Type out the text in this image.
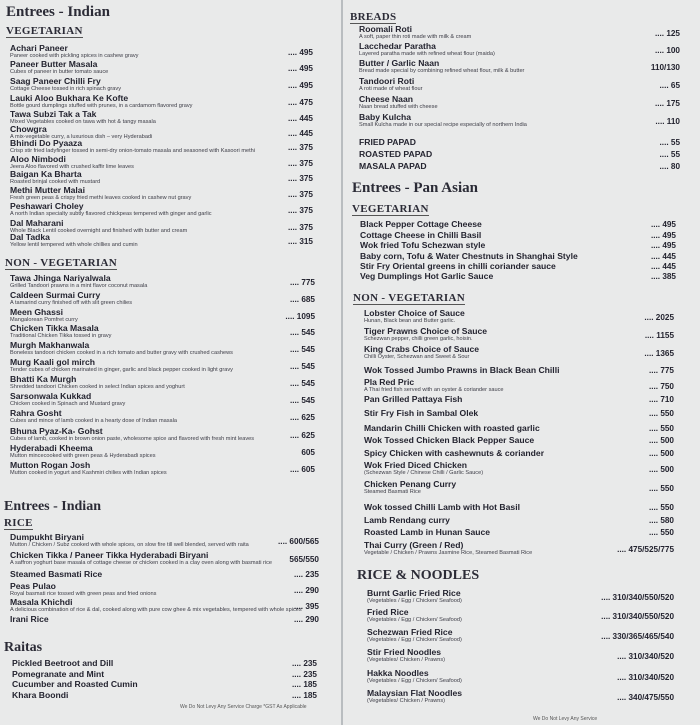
Entrees - Indian
VEGETARIAN
Achari Paneer
Paneer cooked with pickling spices in cashew gravy	.... 495
Paneer Butter Masala
Cubes of paneer in butter tomato sauce	.... 495
Saag Paneer Chilli Fry
Cottage Cheese tossed in rich spinach gravy	.... 495
Lauki Aloo Bukhara Ke Kofte
Bottle gourd dumplings stuffed with prunes, in a cardamom flavored gravy	.... 475
Tawa Subzi Tak a Tak
Mixed Vegetables cooked on tawa with hot & tangy masala	.... 445
Chowgra
A mix-vegetable curry, a luxurious dish – very Hyderabadi	.... 445
Bhindi Do Pyaaza
Crisp stir fried ladyfinger tossed in semi-dry onion-tomato masala and seasoned with Kasoori methi	.... 375
Aloo Nimbodi
Jeera Aloo flavored with crushed kaffir lime leaves	.... 375
Baigan Ka Bharta
Roasted brinjal cooked with mustard	.... 375
Methi Mutter Malai
Fresh green peas & crispy fried methi leaves cooked in cashew nut gravy	.... 375
Peshawari Choley
A north Indian specialty subtly flavored chickpeas tempered with ginger and garlic	.... 375
Dal Maharani
Whole Black Lentil cooked overnight and finished with butter and cream	.... 375
Dal Tadka
Yellow lentil tempered with whole chillies and cumin	.... 315
NON - VEGETARIAN
Tawa Jhinga Nariyalwala
Grilled Tandoori prawns in a mint flavor coconut masala	.... 775
Caldeen Surmai Curry
A tamarind curry finished off with slit green chilies	.... 685
Meen Ghassi
Mangalorean Pomfret curry	.... 1095
Chicken Tikka Masala
Traditional Chicken Tikka tossed in gravy	.... 545
Murgh Makhanwala
Boneless tandoori chicken cooked in a rich tomato and butter gravy with crushed cashews	.... 545
Murg Kaali gol mirch
Tender cubes of chicken marinated in ginger, garlic and black pepper cooked in light gravy	.... 545
Bhatti Ka Murgh
Shredded tandoori Chicken cooked in select Indian spices and yoghurt	.... 545
Sarsonwala Kukkad
Chicken cooked in Spinach and Mustard gravy	.... 545
Rahra Gosht
Cubes and mince of lamb cooked in a hearty dose of Indian masala	.... 625
Bhuna Pyaz-Ka- Gohst
Cubes of lamb, cooked in brown onion paste, wholesome spice and flavored with fresh mint leaves	.... 625
Hyderabadi Kheema
Mutton mincecooked with green peas & Hyderabadi spices	605
Mutton Rogan Josh
Mutton cooked in yogurt and Kashmiri chilies with Indian spices	.... 605
Entrees - Indian
RICE
Dumpukht Biryani
Mutton / Chicken / Subz cooked with whole spices, on slow fire till well blended, served with raita	.... 600/565
Chicken Tikka / Paneer Tikka Hyderabadi Biryani
A saffron yoghurt base masala of cottage cheese or chicken cooked in a clay oven along with basmati rice 565/550
Steamed Basmati Rice	.... 235
Peas Pulao
Royal basmati rice tossed with green peas and fried onions	.... 290
Masala Khichdi
A delicious combination of rice & dal, cooked along with pure cow ghee & mix vegetables, tempered with whole spices
.... 395
Irani Rice	.... 290
Raitas
Pickled Beetroot and Dill	.... 235
Pomegranate and Mint	.... 235
Cucumber and Roasted Cumin	.... 185
Khara Boondi	.... 185
We Do Not Levy Any Service Charge *GST As Applicable
BREADS
Roomali Roti
A soft, paper thin roti made with milk & cream	.... 125
Lacchedar Paratha
Layered paratha made with refined wheat flour (maida)	.... 100
Butter / Garlic Naan
Bread made special by combining refined wheat flour, milk & butter	110/130
Tandoori Roti
A roti made of wheat flour	.... 65
Cheese Naan
Naan bread stuffed with cheese	.... 175
Baby Kulcha
Small Kulcha made in our special recipe especially of northern India	.... 110
FRIED PAPAD	.... 55
ROASTED PAPAD	.... 55
MASALA PAPAD	.... 80
Entrees - Pan Asian
VEGETARIAN
Black Pepper Cottage Cheese	.... 495
Cottage Cheese in Chilli Basil	.... 495
Wok fried Tofu Schezwan style	.... 495
Baby corn, Tofu & Water Chestnuts in Shanghai Style	.... 445
Stir Fry Oriental greens in chilli coriander sauce	.... 445
Veg Dumplings Hot Garlic Sauce	.... 385
NON - VEGETARIAN
Lobster Choice of Sauce
Hunan, Black bean and Butter garlic.	.... 2025
Tiger Prawns Choice of Sauce
Schezwan pepper, chilli green garlic, hoisin.	.... 1155
King Crabs Choice of Sauce
Chilli Oyster, Schezwan and Sweet & Sour	.... 1365
Wok Tossed Jumbo Prawns in Black Bean Chilli	.... 775
Pla Red Pric
A Thai fried fish served with an oyster & coriander sauce	.... 750
Pan Grilled Pattaya Fish	.... 710
Stir Fry Fish in Sambal Olek	.... 550
Mandarin Chilli Chicken with roasted garlic	.... 550
Wok Tossed Chicken Black Pepper Sauce	.... 500
Spicy Chicken with cashewnuts & coriander	.... 500
Wok Fried Diced Chicken
(Schezwan Style / Chinese Chilli / Garlic Sauce)	.... 500
Chicken Penang Curry
Steamed Basmati Rice	.... 550
Wok tossed Chilli Lamb with Hot Basil	.... 550
Lamb Rendang curry	.... 580
Roasted Lamb in Hunan Sauce	.... 550
Thai Curry (Green / Red)
Vegetable / Chicken / Prawns Jasmine Rice, Steamed Basmati Rice	.... 475/525/775
RICE & NOODLES
Burnt Garlic Fried Rice
(Vegetables / Egg / Chicken/ Seafood)	.... 310/340/550/520
Fried Rice
(Vegetables / Egg / Chicken/ Seafood)	.... 310/340/550/520
Schezwan Fried Rice
(Vegetables / Egg / Chicken/ Seafood)	.... 330/365/465/540
Stir Fried Noodles
(Vegetables/ Chicken / Prawns)	.... 310/340/520
Hakka Noodles
(Vegetables / Egg / Chicken/ Seafood)	.... 310/340/520
Malaysian Flat Noodles
(Vegetables/ Chicken / Prawns)	.... 340/475/550
We Do Not Levy Any Service
